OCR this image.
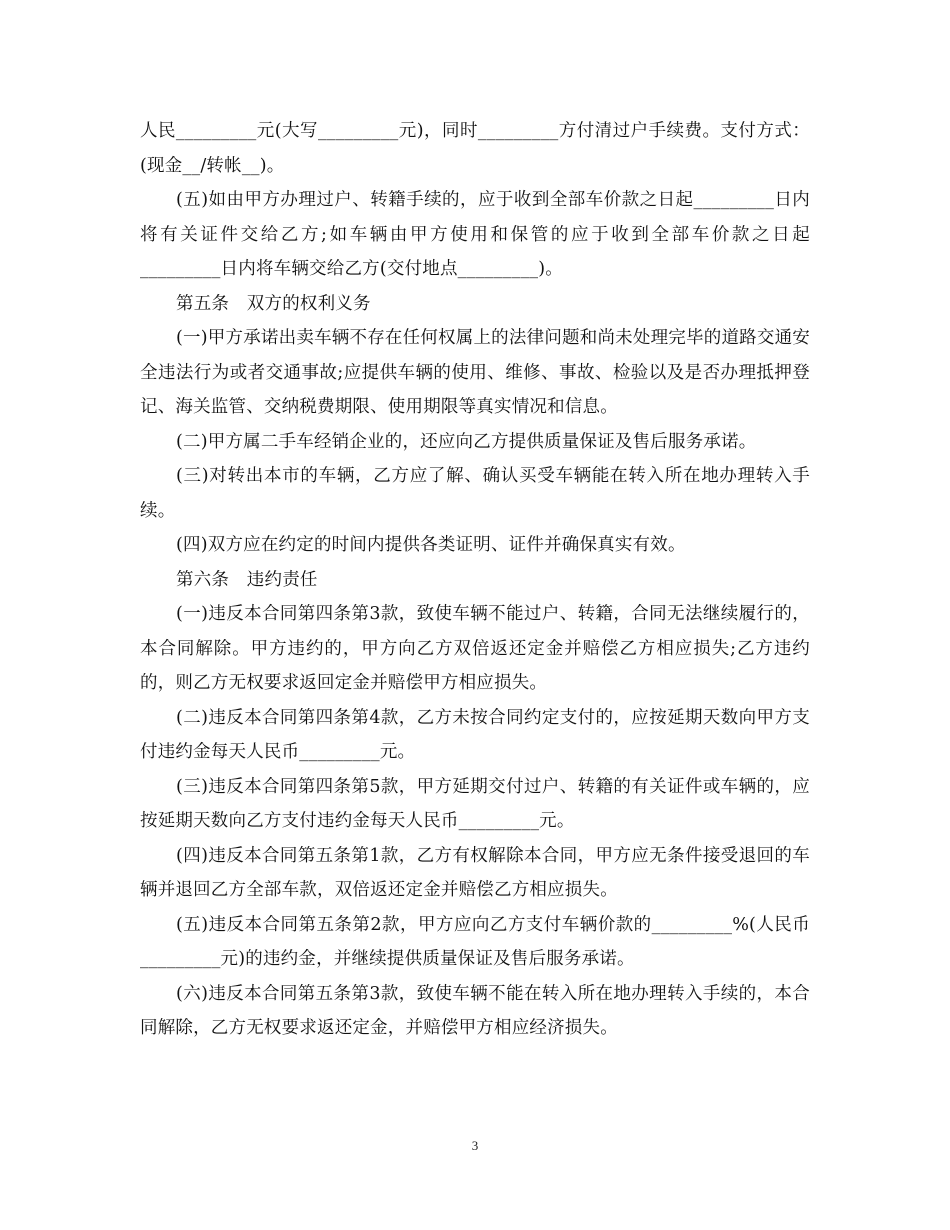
人民_________元(大写_________元)，同时_________方付清过户手续费。支付方式：(现金__/转帐__)。

(五)如由甲方办理过户、转籍手续的，应于收到全部车价款之日起_________日内将有关证件交给乙方;如车辆由甲方使用和保管的应于收到全部车价款之日起_________日内将车辆交给乙方(交付地点_________)。

第五条　双方的权利义务

(一)甲方承诺出卖车辆不存在任何权属上的法律问题和尚未处理完毕的道路交通安全违法行为或者交通事故;应提供车辆的使用、维修、事故、检验以及是否办理抵押登记、海关监管、交纳税费期限、使用期限等真实情况和信息。

(二)甲方属二手车经销企业的，还应向乙方提供质量保证及售后服务承诺。

(三)对转出本市的车辆，乙方应了解、确认买受车辆能在转入所在地办理转入手续。

(四)双方应在约定的时间内提供各类证明、证件并确保真实有效。

第六条　违约责任

(一)违反本合同第四条第3款，致使车辆不能过户、转籍，合同无法继续履行的，本合同解除。甲方违约的，甲方向乙方双倍返还定金并赔偿乙方相应损失;乙方违约的，则乙方无权要求返回定金并赔偿甲方相应损失。

(二)违反本合同第四条第4款，乙方未按合同约定支付的，应按延期天数向甲方支付违约金每天人民币_________元。

(三)违反本合同第四条第5款，甲方延期交付过户、转籍的有关证件或车辆的，应按延期天数向乙方支付违约金每天人民币_________元。

(四)违反本合同第五条第1款，乙方有权解除本合同，甲方应无条件接受退回的车辆并退回乙方全部车款，双倍返还定金并赔偿乙方相应损失。

(五)违反本合同第五条第2款，甲方应向乙方支付车辆价款的_________%(人民币_________元)的违约金，并继续提供质量保证及售后服务承诺。

(六)违反本合同第五条第3款，致使车辆不能在转入所在地办理转入手续的，本合同解除，乙方无权要求返还定金，并赔偿甲方相应经济损失。

3
